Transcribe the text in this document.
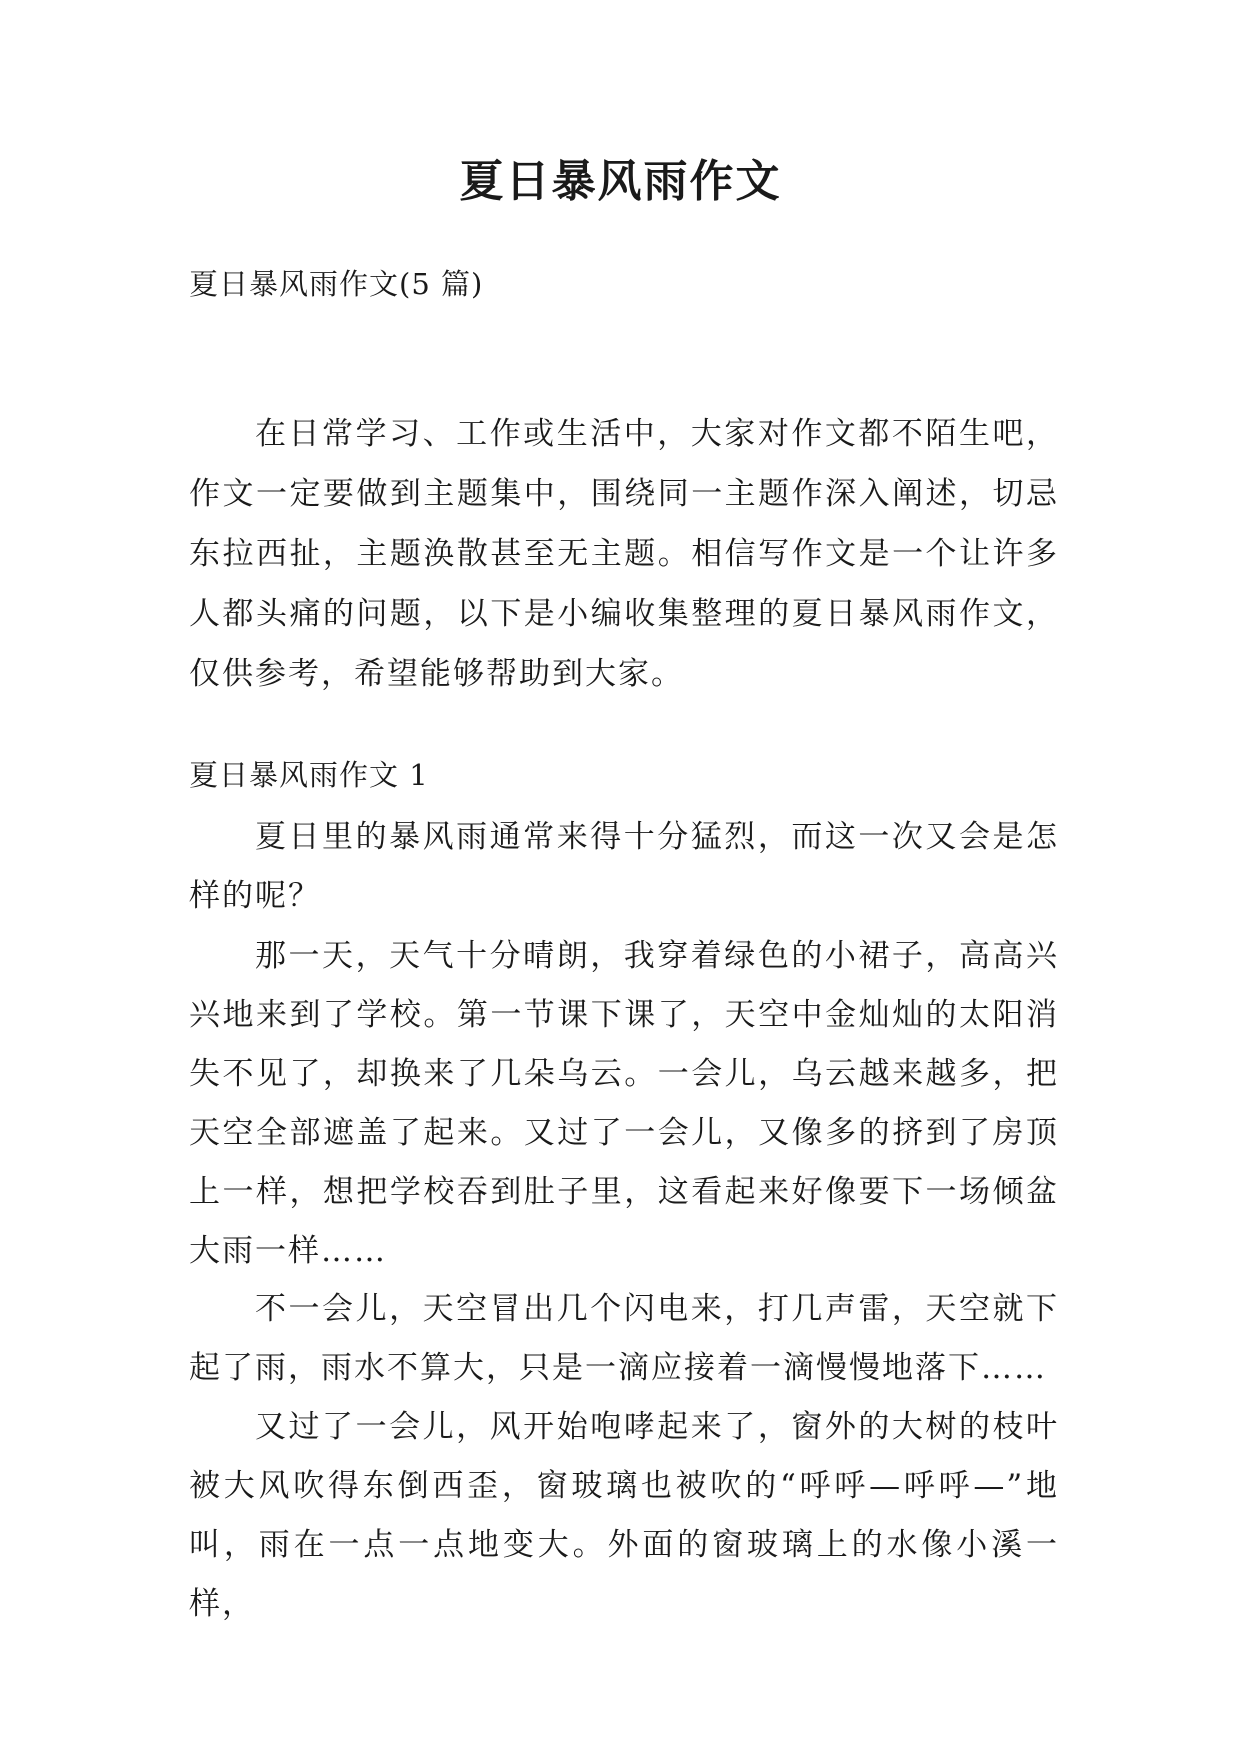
夏日暴风雨作文

夏日暴风雨作文(5 篇)

在日常学习、工作或生活中，大家对作文都不陌生吧，作文一定要做到主题集中，围绕同一主题作深入阐述，切忌东拉西扯，主题涣散甚至无主题。相信写作文是一个让许多人都头痛的问题，以下是小编收集整理的夏日暴风雨作文，仅供参考，希望能够帮助到大家。

夏日暴风雨作文 1

夏日里的暴风雨通常来得十分猛烈，而这一次又会是怎样的呢？

那一天，天气十分晴朗，我穿着绿色的小裙子，高高兴兴地来到了学校。第一节课下课了，天空中金灿灿的太阳消失不见了，却换来了几朵乌云。一会儿，乌云越来越多，把天空全部遮盖了起来。又过了一会儿，又像多的挤到了房顶上一样，想把学校吞到肚子里，这看起来好像要下一场倾盆大雨一样……

不一会儿，天空冒出几个闪电来，打几声雷，天空就下起了雨，雨水不算大，只是一滴应接着一滴慢慢地落下……

又过了一会儿，风开始咆哮起来了，窗外的大树的枝叶被大风吹得东倒西歪，窗玻璃也被吹的“呼呼—呼呼—”地叫，雨在一点一点地变大。外面的窗玻璃上的水像小溪一样，
